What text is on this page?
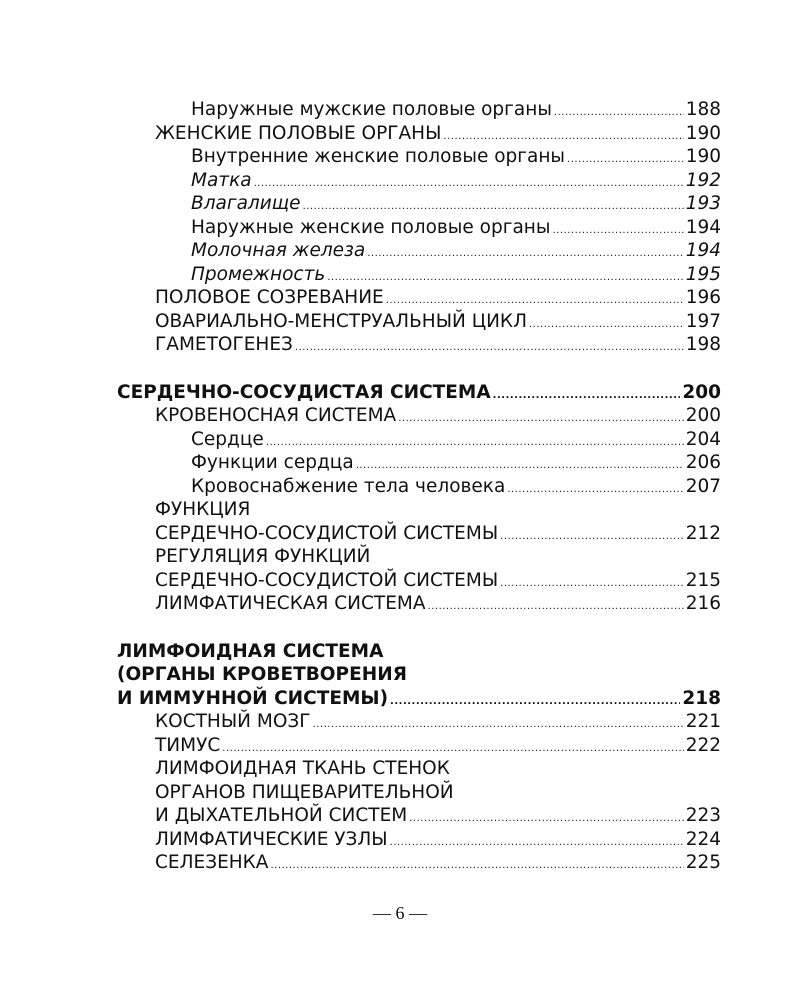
Наружные мужские половые органы .....	188
ЖЕНСКИЕ ПОЛОВЫЕ ОРГАНЫ .....	190
Внутренние женские половые органы .....	190
Матка .....	192
Влагалище .....	193
Наружные женские половые органы .....	194
Молочная железа .....	194
Промежность .....	195
ПОЛОВОЕ СОЗРЕВАНИЕ .....	196
ОВАРИАЛЬНО-МЕНСТРУАЛЬНЫЙ ЦИКЛ .....	197
ГАМЕТОГЕНЕЗ .....	198
СЕРДЕЧНО-СОСУДИСТАЯ СИСТЕМА .....	200
КРОВЕНОСНАЯ СИСТЕМА .....	200
Сердце .....	204
Функции сердца .....	206
Кровоснабжение тела человека .....	207
ФУНКЦИЯ
СЕРДЕЧНО-СОСУДИСТОЙ СИСТЕМЫ .....	212
РЕГУЛЯЦИЯ ФУНКЦИЙ
СЕРДЕЧНО-СОСУДИСТОЙ СИСТЕМЫ .....	215
ЛИМФАТИЧЕСКАЯ СИСТЕМА .....	216
ЛИМФОИДНАЯ СИСТЕМА
(ОРГАНЫ КРОВЕТВОРЕНИЯ
И ИММУННОЙ СИСТЕМЫ) .....	218
КОСТНЫЙ МОЗГ .....	221
ТИМУС .....	222
ЛИМФОИДНАЯ ТКАНЬ СТЕНОК
ОРГАНОВ ПИЩЕВАРИТЕЛЬНОЙ
И ДЫХАТЕЛЬНОЙ СИСТЕМ .....	223
ЛИМФАТИЧЕСКИЕ УЗЛЫ .....	224
СЕЛЕЗЕНКА .....	225
— 6 —
